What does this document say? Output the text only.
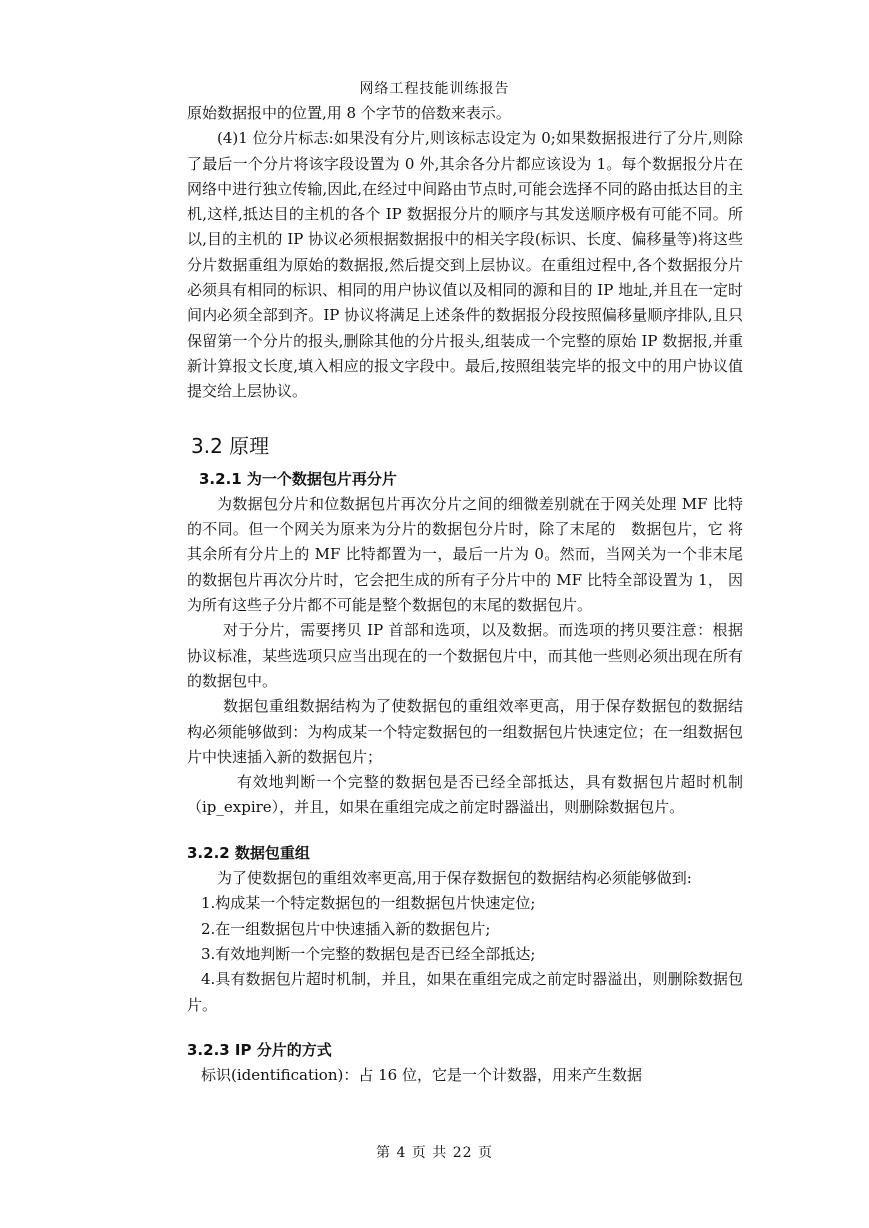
网络工程技能训练报告

原始数据报中的位置,用 8 个字节的倍数来表示。

(4)1 位分片标志:如果没有分片,则该标志设定为 0;如果数据报进行了分片,则除了最后一个分片将该字段设置为 0 外,其余各分片都应该设为 1。每个数据报分片在网络中进行独立传输,因此,在经过中间路由节点时,可能会选择不同的路由抵达目的主机,这样,抵达目的主机的各个 IP 数据报分片的顺序与其发送顺序极有可能不同。所以,目的主机的 IP 协议必须根据数据报中的相关字段(标识、长度、偏移量等)将这些分片数据重组为原始的数据报,然后提交到上层协议。在重组过程中,各个数据报分片必须具有相同的标识、相同的用户协议值以及相同的源和目的 IP 地址,并且在一定时间内必须全部到齐。IP 协议将满足上述条件的数据报分段按照偏移量顺序排队,且只保留第一个分片的报头,删除其他的分片报头,组装成一个完整的原始 IP 数据报,并重新计算报文长度,填入相应的报文字段中。最后,按照组装完毕的报文中的用户协议值提交给上层协议。

3.2 原理
3.2.1 为一个数据包片再分片

为数据包分片和位数据包片再次分片之间的细微差别就在于网关处理 MF 比特的不同。但一个网关为原来为分片的数据包分片时，除了末尾的　数据包片，它 将其余所有分片上的 MF 比特都置为一，最后一片为 0。然而，当网关为一个非末尾的数据包片再次分片时，它会把生成的所有子分片中的 MF 比特全部设置为 1， 因为所有这些子分片都不可能是整个数据包的末尾的数据包片。

对于分片，需要拷贝 IP 首部和选项，以及数据。而选项的拷贝要注意：根据协议标准，某些选项只应当出现在的一个数据包片中，而其他一些则必须出现在所有的数据包中。

数据包重组数据结构为了使数据包的重组效率更高，用于保存数据包的数据结构必须能够做到：为构成某一个特定数据包的一组数据包片快速定位；在一组数据包片中快速插入新的数据包片；

有效地判断一个完整的数据包是否已经全部抵达，具有数据包片超时机制（ip_expire），并且，如果在重组完成之前定时器溢出，则删除数据包片。

3.2.2 数据包重组

为了使数据包的重组效率更高,用于保存数据包的数据结构必须能够做到:

1.构成某一个特定数据包的一组数据包片快速定位;

2.在一组数据包片中快速插入新的数据包片;

3.有效地判断一个完整的数据包是否已经全部抵达;

4.具有数据包片超时机制，并且，如果在重组完成之前定时器溢出，则删除数据包片。

3.2.3 IP 分片的方式

标识(identification)：占 16 位，它是一个计数器，用来产生数据

第 4 页 共 22 页
